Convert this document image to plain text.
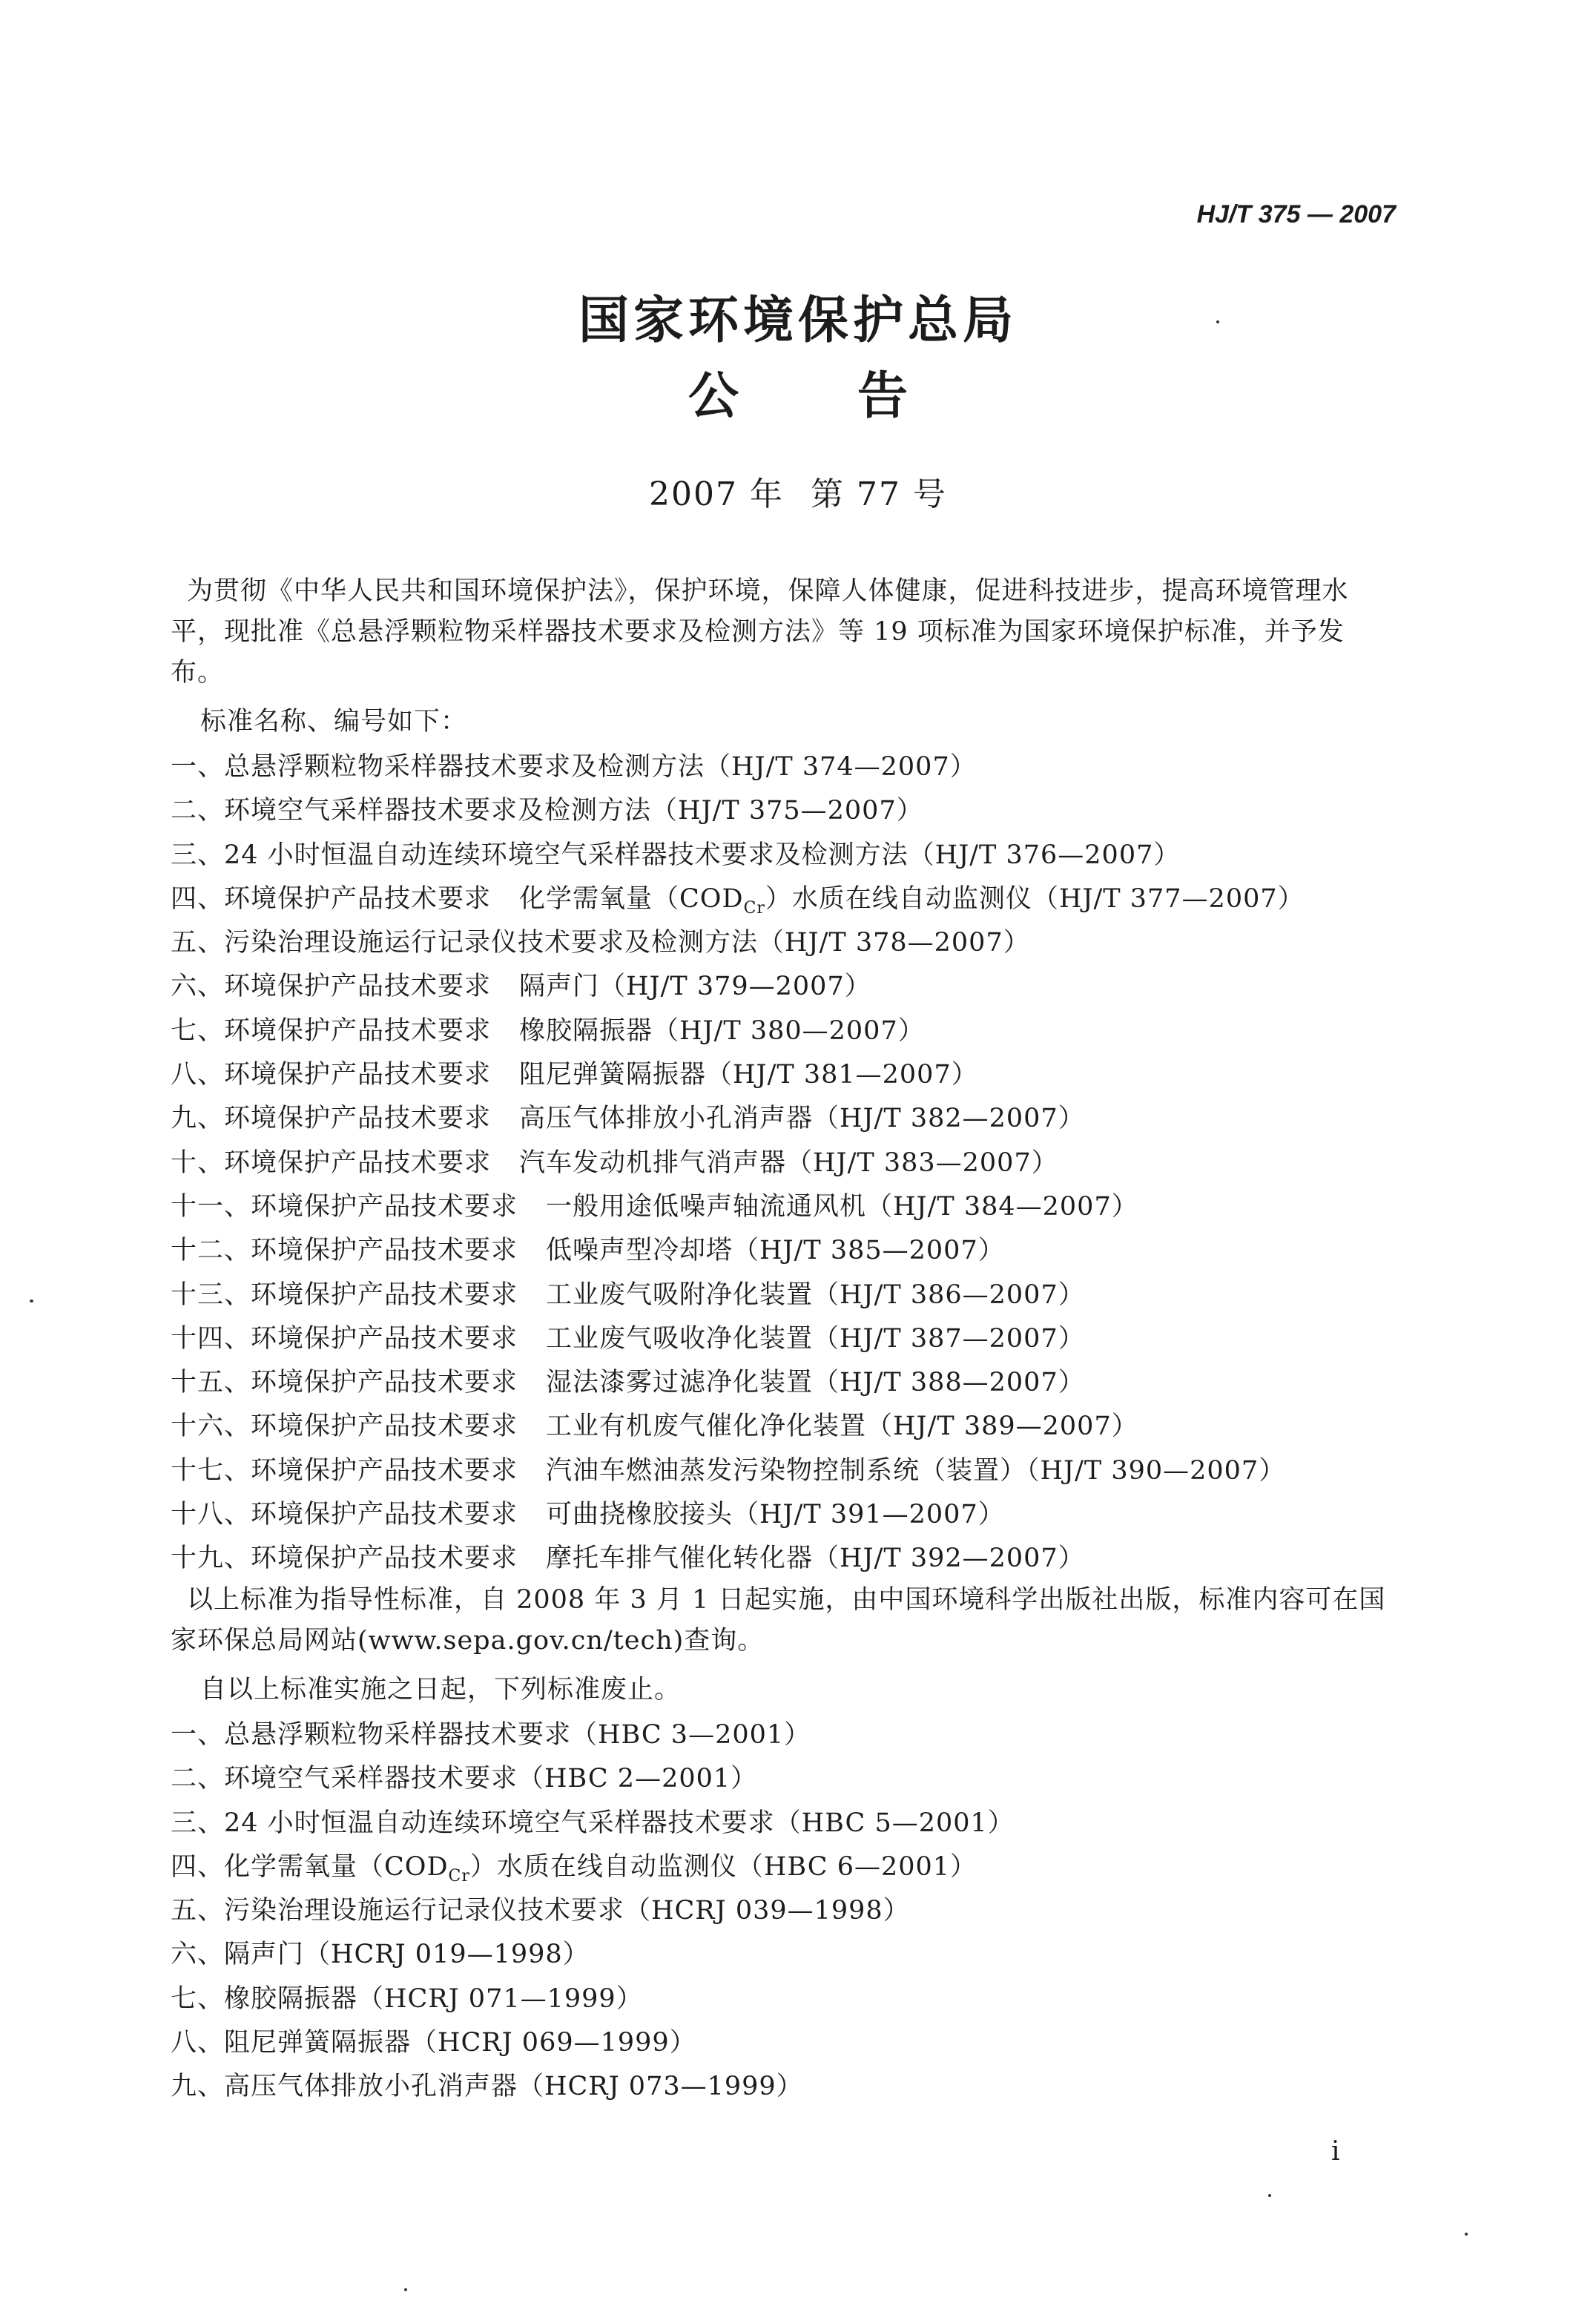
HJ/T 375 — 2007
国家环境保护总局
公告
2007 年 第 77 号
为贯彻《中华人民共和国环境保护法》，保护环境，保障人体健康，促进科技进步，提高环境管理水平，现批准《总悬浮颗粒物采样器技术要求及检测方法》等 19 项标准为国家环境保护标准，并予发布。
标准名称、编号如下：
一、总悬浮颗粒物采样器技术要求及检测方法（HJ/T 374—2007）
二、环境空气采样器技术要求及检测方法（HJ/T 375—2007）
三、24 小时恒温自动连续环境空气采样器技术要求及检测方法（HJ/T 376—2007）
四、环境保护产品技术要求 化学需氧量$(COD_{Cr})$水质在线自动监测仪（HJ/T 377—2007）
五、污染治理设施运行记录仪技术要求及检测方法（HJ/T 378—2007）
六、环境保护产品技术要求 隔声门（HJ/T 379—2007）
七、环境保护产品技术要求 橡胶隔振器（HJ/T 380—2007）
八、环境保护产品技术要求 阻尼弹簧隔振器（HJ/T 381—2007）
九、环境保护产品技术要求 高压气体排放小孔消声器（HJ/T 382—2007）
十、环境保护产品技术要求 汽车发动机排气消声器（HJ/T 383—2007）
十一、环境保护产品技术要求 一般用途低噪声轴流通风机（HJ/T 384—2007）
十二、环境保护产品技术要求 低噪声型冷却塔（HJ/T 385—2007）
十三、环境保护产品技术要求 工业废气吸附净化装置（HJ/T 386—2007）
十四、环境保护产品技术要求 工业废气吸收净化装置（HJ/T 387—2007）
十五、环境保护产品技术要求 湿法漆雾过滤净化装置（HJ/T 388—2007）
十六、环境保护产品技术要求 工业有机废气催化净化装置（HJ/T 389—2007）
十七、环境保护产品技术要求 汽油车燃油蒸发污染物控制系统（装置）（HJ/T 390—2007）
十八、环境保护产品技术要求 可曲挠橡胶接头（HJ/T 391—2007）
十九、环境保护产品技术要求 摩托车排气催化转化器（HJ/T 392—2007）
以上标准为指导性标准，自 2008 年 3 月 1 日起实施，由中国环境科学出版社出版，标准内容可在国家环保总局网站(www.sepa.gov.cn/tech)查询。
自以上标准实施之日起，下列标准废止。
一、总悬浮颗粒物采样器技术要求（HBC 3—2001）
二、环境空气采样器技术要求（HBC 2—2001）
三、24 小时恒温自动连续环境空气采样器技术要求（HBC 5—2001）
四、化学需氧量$(COD_{Cr})$水质在线自动监测仪（HBC 6—2001）
五、污染治理设施运行记录仪技术要求（HCRJ 039—1998）
六、隔声门（HCRJ 019—1998）
七、橡胶隔振器（HCRJ 071—1999）
八、阻尼弹簧隔振器（HCRJ 069—1999）
九、高压气体排放小孔消声器（HCRJ 073—1999）
i
